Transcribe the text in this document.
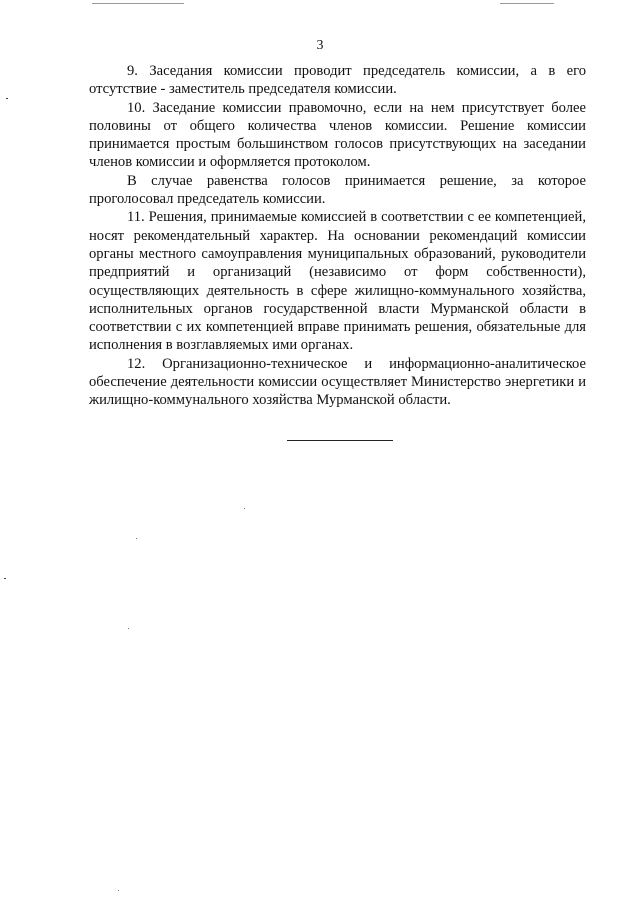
3

9. Заседания комиссии проводит председатель комиссии, а в его отсутствие - заместитель председателя комиссии.

10. Заседание комиссии правомочно, если на нем присутствует более половины от общего количества членов комиссии. Решение комиссии принимается простым большинством голосов присутствующих на заседании членов комиссии и оформляется протоколом.

В случае равенства голосов принимается решение, за которое проголосовал председатель комиссии.

11. Решения, принимаемые комиссией в соответствии с ее компетенцией, носят рекомендательный характер. На основании рекомендаций комиссии органы местного самоуправления муниципальных образований, руководители предприятий и организаций (независимо от форм собственности), осуществляющих деятельность в сфере жилищно-коммунального хозяйства, исполнительных органов государственной власти Мурманской области в соответствии с их компетенцией вправе принимать решения, обязательные для исполнения в возглавляемых ими органах.

12. Организационно-техническое и информационно-аналитическое обеспечение деятельности комиссии осуществляет Министерство энергетики и жилищно-коммунального хозяйства Мурманской области.
